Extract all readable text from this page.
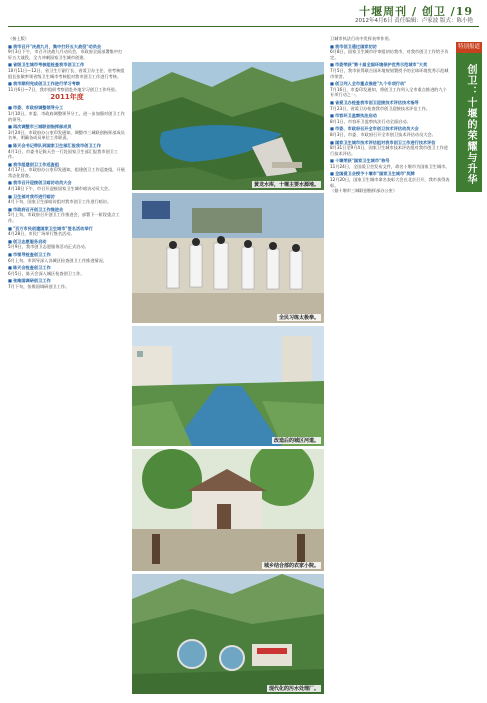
十堰周刊 / 创卫 /19
2012年4月6日 责任编辑：卢家波 版式：陈小艳
（接上版）
■ 我市召开"决战九月，集中打好五大战役"动员会
9月3日下午，市召开决战九月动员会，市政府全面部署集中打好五大战役，全力冲刺国家卫生城市创建。
■ 省级卫生城市考核组检查我市创卫工作
10月11日—12日，省卫生厅副厅长、省爱卫办主任、省考核组组长张敏率领省级卫生城市考核组对我市创卫工作进行考核。
■ 我市顺利完成创卫工作进行学习考察
11月6日—7日，我市组织考察团赴外地学习创卫工作经验。
2011年度
■ 市委、市政府调整领导分工
1月10日，市委、市政府调整领导分工，进一步加强对创卫工作的领导。
■ 再次调整市三城联创指挥部成员
3月24日，市政府办公室印发通知，调整市三城联创指挥部成员名单，明确各成员单位工作职责。
■ 陈天会书记带队到国家卫生部汇报我市创卫工作
4月1日，市委书记陈天会一行赴国家卫生部汇报我市创卫工作。
■ 我市组建创卫工作巡查组
4月17日，市政府办公室印发通知，组建创卫工作巡查组，开展常态化督查。
■ 我市召开迎接创卫暗访动员大会
4月18日下午，市召开迎接国家卫生城市暗访动员大会。
■ 卫生部对我市进行暗访
4月下旬，国家卫生部暗访组对我市创卫工作进行暗访。
■ 市政府召开创卫工作推进会
5月上旬，市政府召开创卫工作推进会，部署下一阶段重点工作。
■ "百万市民创建国家卫生城市"签名活动举行
4月28日，市民广场举行签名活动。
■ 创卫志愿服务启动
5月9日，我市创卫志愿服务活动正式启动。
■ 市领导检查创卫工作
6月上旬，市领导深入各城区检查创卫工作推进情况。
■ 陈天会检查创卫工作
6月5日，陈天会深入城区检查创卫工作。
■ 张维国调研创卫工作
7月下旬，张维国调研创卫工作。
黄龙水库，十堰主要水源地。
全民习练太极拳。
改造后的城区河道。
城乡结合部的农家小院。
现代化的污水处理厂。
卫城市执法行动中发挥表率作用。
■ 我市创卫通过国家初访
6月8日，国家卫生城市评审组初访我市，对我市创卫工作给予肯定。
■ 市委荣获"第十届全国环境保护优秀示范城市"大奖
7月5日，我市获得联合国环境规划署授予的全球环境优秀示范城市荣誉。
■ 创卫列入全市重点推进"九个专项行动"
7月16日，市委印发通知，将创卫工作列入全市重点推进的九个专项行动之一。
■ 省爱卫办检查我市创卫迎接技术评估技术指导
7月23日，省爱卫办检查我市创卫迎接技术评估工作。
■ 市容环卫监察执法启动
8月1日，市容环卫监察执法行动全面启动。
■ 市委、市政府召开全市创卫技术评估动员大会
8月3日，市委、市政府召开全市创卫技术评估动员大会。
■ 国家卫生城市技术评估组对我市创卫工作进行技术评估
8月31日至9月4日，国家卫生城市技术评估组对我市创卫工作进行技术评估。
■ 十堰荣获"国家卫生城市"称号
11月24日，全国爱卫会发布文件，命名十堰市为国家卫生城市。
■ 全国爱卫会授予十堰市"国家卫生城市"奖牌
12月20日，国家卫生城市命名表彰大会在北京召开，我市获得表彰。
（据十堰市三城联创指挥部办公室）
特别报道
创卫：十堰的荣耀与升华
